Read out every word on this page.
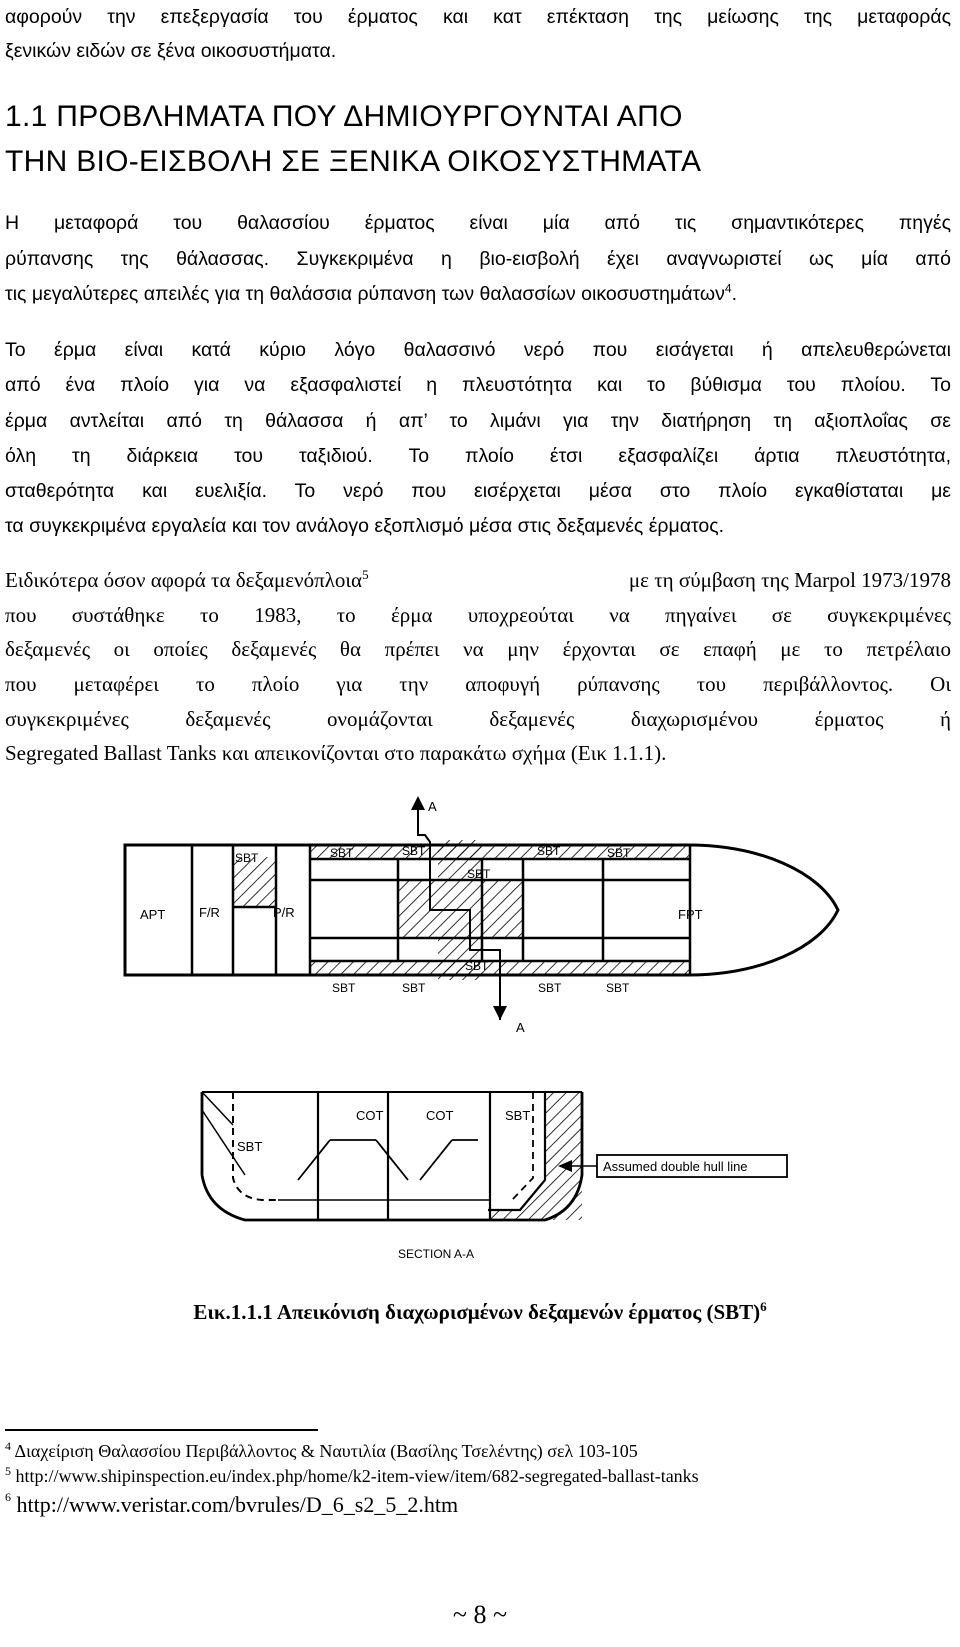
αφορούν την επεξεργασία του έρματος και κατ επέκταση της μείωσης της μεταφοράς
ξενικών ειδών σε ξένα οικοσυστήματα.
1.1 ΠΡΟΒΛΗΜΑΤΑ ΠΟΥ ΔΗΜΙΟΥΡΓΟΥΝΤΑΙ ΑΠΟ
ΤΗΝ ΒΙΟ-ΕΙΣΒΟΛΗ ΣΕ ΞΕΝΙΚΑ ΟΙΚΟΣΥΣΤΗΜΑΤΑ
Η μεταφορά του θαλασσίου έρματος είναι μία από τις σημαντικότερες πηγές
ρύπανσης της θάλασσας. Συγκεκριμένα η βιο-εισβολή έχει αναγνωριστεί ως μία από
τις μεγαλύτερες απειλές για τη θαλάσσια ρύπανση των θαλασσίων οικοσυστημάτων$^4$.
Το έρμα είναι κατά κύριο λόγο θαλασσινό νερό που εισάγεται ή απελευθερώνεται
από ένα πλοίο για να εξασφαλιστεί η πλευστότητα και το βύθισμα του πλοίου. Το
έρμα αντλείται από τη θάλασσα ή απ’ το λιμάνι για την διατήρηση τη αξιοπλοΐας σε
όλη τη διάρκεια του ταξιδιού. Το πλοίο έτσι εξασφαλίζει άρτια πλευστότητα,
σταθερότητα και ευελιξία. Το νερό που εισέρχεται μέσα στο πλοίο εγκαθίσταται με
τα συγκεκριμένα εργαλεία και τον ανάλογο εξοπλισμό μέσα στις δεξαμενές έρματος.
Ειδικότερα όσον αφορά τα δεξαμενόπλοια$^5$	με τη σύμβαση της Marpol 1973/1978
που συστάθηκε το 1983, το έρμα υποχρεούται να πηγαίνει σε συγκεκριμένες
δεξαμενές οι οποίες δεξαμενές θα πρέπει να μην έρχονται σε επαφή με το πετρέλαιο
που μεταφέρει το πλοίο για την αποφυγή ρύπανσης του περιβάλλοντος. Οι
συγκεκριμένες δεξαμενές ονομάζονται δεξαμενές διαχωρισμένου έρματος ή
Segregated Ballast Tanks και απεικονίζονται στο παρακάτω σχήμα (Εικ 1.1.1).
APT	F/R	P/R	FPT
SBT	SBT	SBT	SBT	SBT
SBT
SBT
SBT	SBT	SBT	SBT
A
A
SBT
COT	COT	SBT
Assumed double hull line
SECTION A-A
Εικ.1.1.1 Απεικόνιση διαχωρισμένων δεξαμενών έρματος (SBT)$^6$
$^4$ Διαχείριση Θαλασσίου Περιβάλλοντος & Ναυτιλία (Βασίλης Τσελέντης) σελ 103-105
$^5$ http://www.shipinspection.eu/index.php/home/k2-item-view/item/682-segregated-ballast-tanks
$^6$ http://www.veristar.com/bvrules/D_6_s2_5_2.htm
~ 8 ~
